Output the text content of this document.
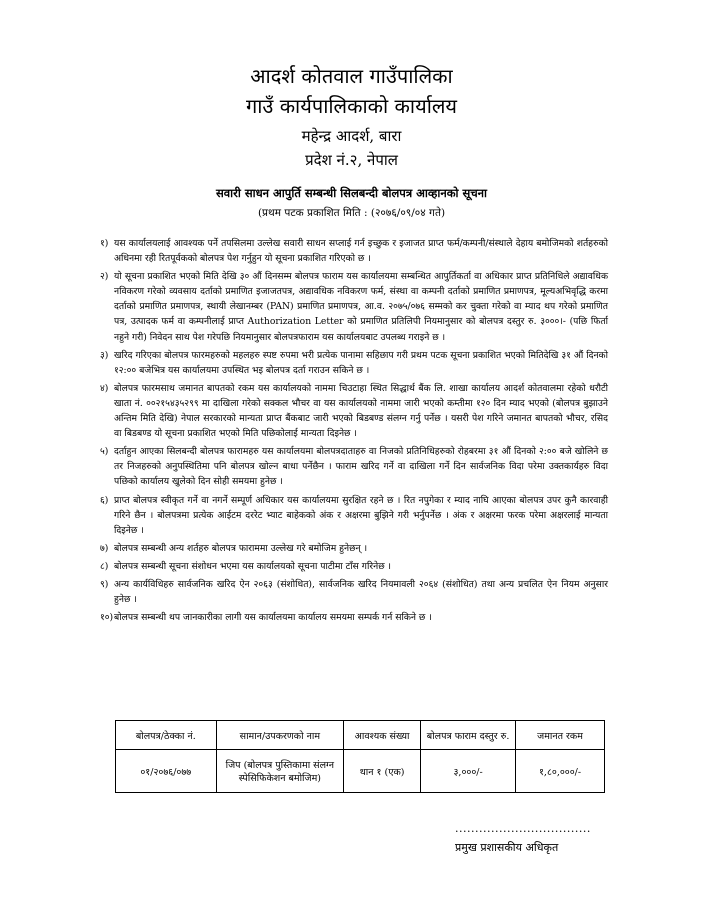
आदर्श कोतवाल गाउँपालिका
गाउँ कार्यपालिकाको कार्यालय
महेन्द्र आदर्श, बारा
प्रदेश नं.२, नेपाल
सवारी साधन आपुर्ति सम्बन्धी सिलबन्दी बोलपत्र आव्हानको सूचना
(प्रथम पटक प्रकाशित मिति : (२०७६/०९/०४ गते)
१) यस कार्यालयलाई आवश्यक पर्ने तपसिलमा उल्लेख सवारी साधन सप्लाई गर्न इच्छुक र इजाजत प्राप्त फर्म/कम्पनी/संस्थाले देहाय बमोजिमको शर्तहरुको अधिनमा रही रितपूर्वकको बोलपत्र पेश गर्नुहुन यो सूचना प्रकाशित गरिएको छ ।
२) यो सूचना प्रकाशित भएको मिति देखि ३० औं दिनसम्म बोलपत्र फाराम यस कार्यालयमा सम्बन्धित आपुर्तिकर्ता वा अधिकार प्राप्त प्रतिनिधिले अद्यावधिक नविकरण गरेको व्यवसाय दर्ताको प्रमाणित इजाजतपत्र, अद्यावधिक नविकरण फर्म, संस्था वा कम्पनी दर्ताको प्रमाणित प्रमाणपत्र, मूल्यअभिवृद्धि करमा दर्ताको प्रमाणित प्रमाणपत्र, स्थायी लेखानम्बर (PAN) प्रमाणित प्रमाणपत्र, आ.व. २०७५/०७६ सम्मको कर चुक्ता गरेको वा म्याद थप गरेको प्रमाणित पत्र, उत्पादक फर्म वा कम्पनीलाई प्राप्त Authorization Letter को प्रमाणित प्रतिलिपी नियमानुसार को बोलपत्र दस्तुर रु. ३०००।- (पछि फिर्ता नहुने गरी) निवेदन साथ पेश गरेपछि नियमानुसार बोलपत्रफाराम यस कार्यालयबाट उपलब्ध गराइने छ ।
३) खरिद गरिएका बोलपत्र फारमहरुको महलहरु स्पष्ट रुपमा भरी प्रत्येक पानामा सहिछाप गरी प्रथम पटक सूचना प्रकाशित भएको मितिदेखि ३१ औं दिनको १२:०० बजेभित्र यस कार्यालयमा उपस्थित भइ बोलपत्र दर्ता गराउन सकिने छ ।
४) बोलपत्र फारमसाथ जमानत बापतको रकम यस कार्यालयको नाममा चिउटाहा स्थित सिद्धार्थ बैंक लि. शाखा कार्यालय आदर्श कोतवालमा रहेको धरौटी खाता नं. ००२१५४३५२९९ मा दाखिला गरेको सक्कल भौचर वा यस कार्यालयको नाममा जारी भएको कम्तीमा १२० दिन म्याद भएको (बोलपत्र बुझाउने अन्तिम मिति देखि) नेपाल सरकारको मान्यता प्राप्त बैंकबाट जारी भएको बिडबण्ड संलग्न गर्नु पर्नेछ । यसरी पेश गरिने जमानत बापतको भौचर, रसिद वा बिडबण्ड यो सूचना प्रकाशित भएको मिति पछिकोलाई मान्यता दिइनेछ ।
५) दर्ताहुन आएका सिलबन्दी बोलपत्र फारामहरु यस कार्यालयमा बोलपत्रदाताहरु वा निजको प्रतिनिधिहरुको रोहबरमा ३१ औं दिनको २:०० बजे खोलिने छ तर निजहरुको अनुपस्थितिमा पनि बोलपत्र खोल्न बाधा पर्नेछैन । फाराम खरिद गर्ने वा दाखिला गर्ने दिन सार्वजनिक विदा परेमा उक्तकार्यहरु विदा पछिको कार्यालय खुलेको दिन सोही समयमा हुनेछ ।
६) प्राप्त बोलपत्र स्वीकृत गर्ने वा नगर्ने सम्पूर्ण अधिकार यस कार्यालयमा सुरक्षित रहने छ । रित नपुगेका र म्याद नाघि आएका बोलपत्र उपर कुनै कारवाही गरिने छैन । बोलपत्रमा प्रत्येक आईटम दररेट भ्याट बाहेकको अंक र अक्षरमा बुझिने गरी भर्नुपर्नेछ । अंक र अक्षरमा फरक परेमा अक्षरलाई मान्यता दिइनेछ ।
७) बोलपत्र सम्बन्धी अन्य शर्तहरु बोलपत्र फाराममा उल्लेख गरे बमोजिम हुनेछन् ।
८) बोलपत्र सम्बन्धी सूचना संशोधन भएमा यस कार्यालयको सूचना पाटीमा टाँस गरिनेछ ।
९) अन्य कार्यविधिहरु सार्वजनिक खरिद ऐन २०६३ (संशोधित), सार्वजनिक खरिद नियमावली २०६४ (संशोधित) तथा अन्य प्रचलित ऐन नियम अनुसार हुनेछ ।
१०) बोलपत्र सम्बन्धी थप जानकारीका लागी यस कार्यालयमा कार्यालय समयमा सम्पर्क गर्न सकिने छ ।
बोलपत्र/ठेक्का नं.	सामान/उपकरणको नाम	आवश्यक संख्या	बोलपत्र फाराम दस्तुर रु.	जमानत रकम
०१/२०७६/०७७	जिप (बोलपत्र पुस्तिकामा संलग्न स्पेसिफिकेशन बमोजिम)	थान १ (एक)	३,०००/-	१,८०,०००/-
..................................
प्रमुख प्रशासकीय अधिकृत
